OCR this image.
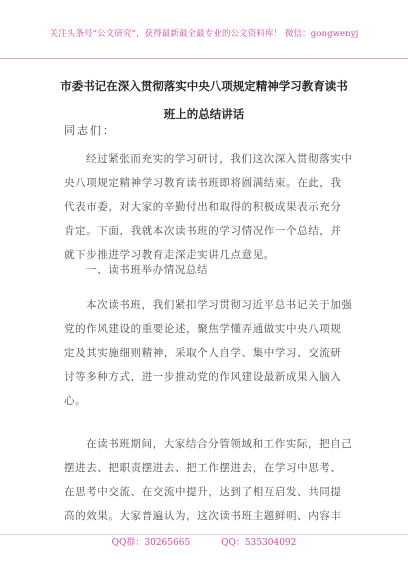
关注头条号“公文研究”，获得最新最全最专业的公文资料库！ 微信：gongwenyj
市委书记在深入贯彻落实中央八项规定精神学习教育读书
班上的总结讲话
同志们：
经过紧张而充实的学习研讨，我们这次深入贯彻落实中
央八项规定精神学习教育读书班即将圆满结束。在此，我
代表市委，对大家的辛勤付出和取得的积极成果表示充分
肯定。下面，我就本次读书班的学习情况作一个总结，并
就下步推进学习教育走深走实讲几点意见。
一、读书班举办情况总结
本次读书班，我们紧扣学习贯彻习近平总书记关于加强
党的作风建设的重要论述，聚焦学懂弄通做实中央八项规
定及其实施细则精神，采取个人自学、集中学习、交流研
讨等多种方式，进一步推动党的作风建设最新成果入脑入
心。
在读书班期间，大家结合分管领域和工作实际，把自己
摆进去、把职责摆进去、把工作摆进去，在学习中思考、
在思考中交流、在交流中提升，达到了相互启发、共同提
高的效果。大家普遍认为，这次读书班主题鲜明、内容丰
QQ群：30265665	QQ：535304092
